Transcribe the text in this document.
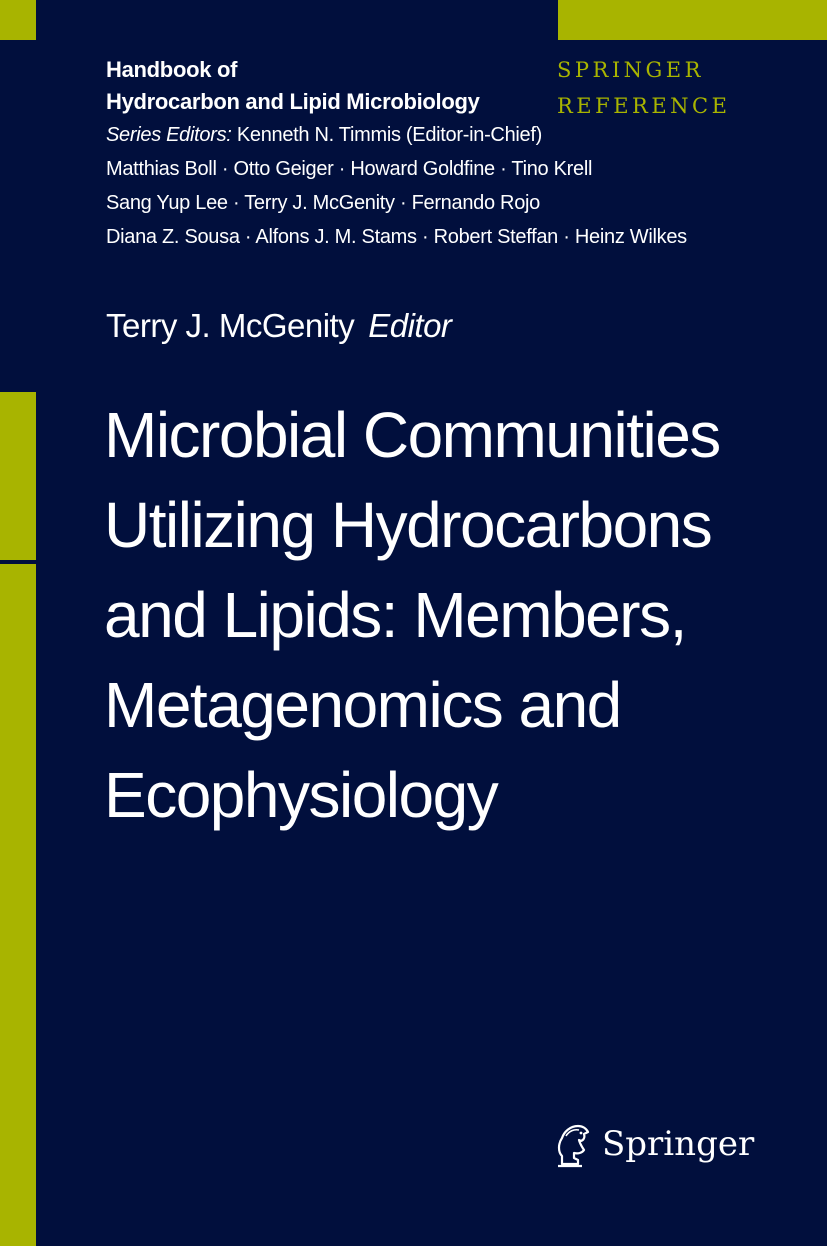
Handbook of
Hydrocarbon and Lipid Microbiology
Series Editors: Kenneth N. Timmis (Editor-in-Chief)
Matthias Boll · Otto Geiger · Howard Goldfine · Tino Krell
Sang Yup Lee · Terry J. McGenity · Fernando Rojo
Diana Z. Sousa · Alfons J. M. Stams · Robert Steffan · Heinz Wilkes
SPRINGER
REFERENCE
Terry J. McGenity Editor
Microbial Communities
Utilizing Hydrocarbons
and Lipids: Members,
Metagenomics and
Ecophysiology
Springer
